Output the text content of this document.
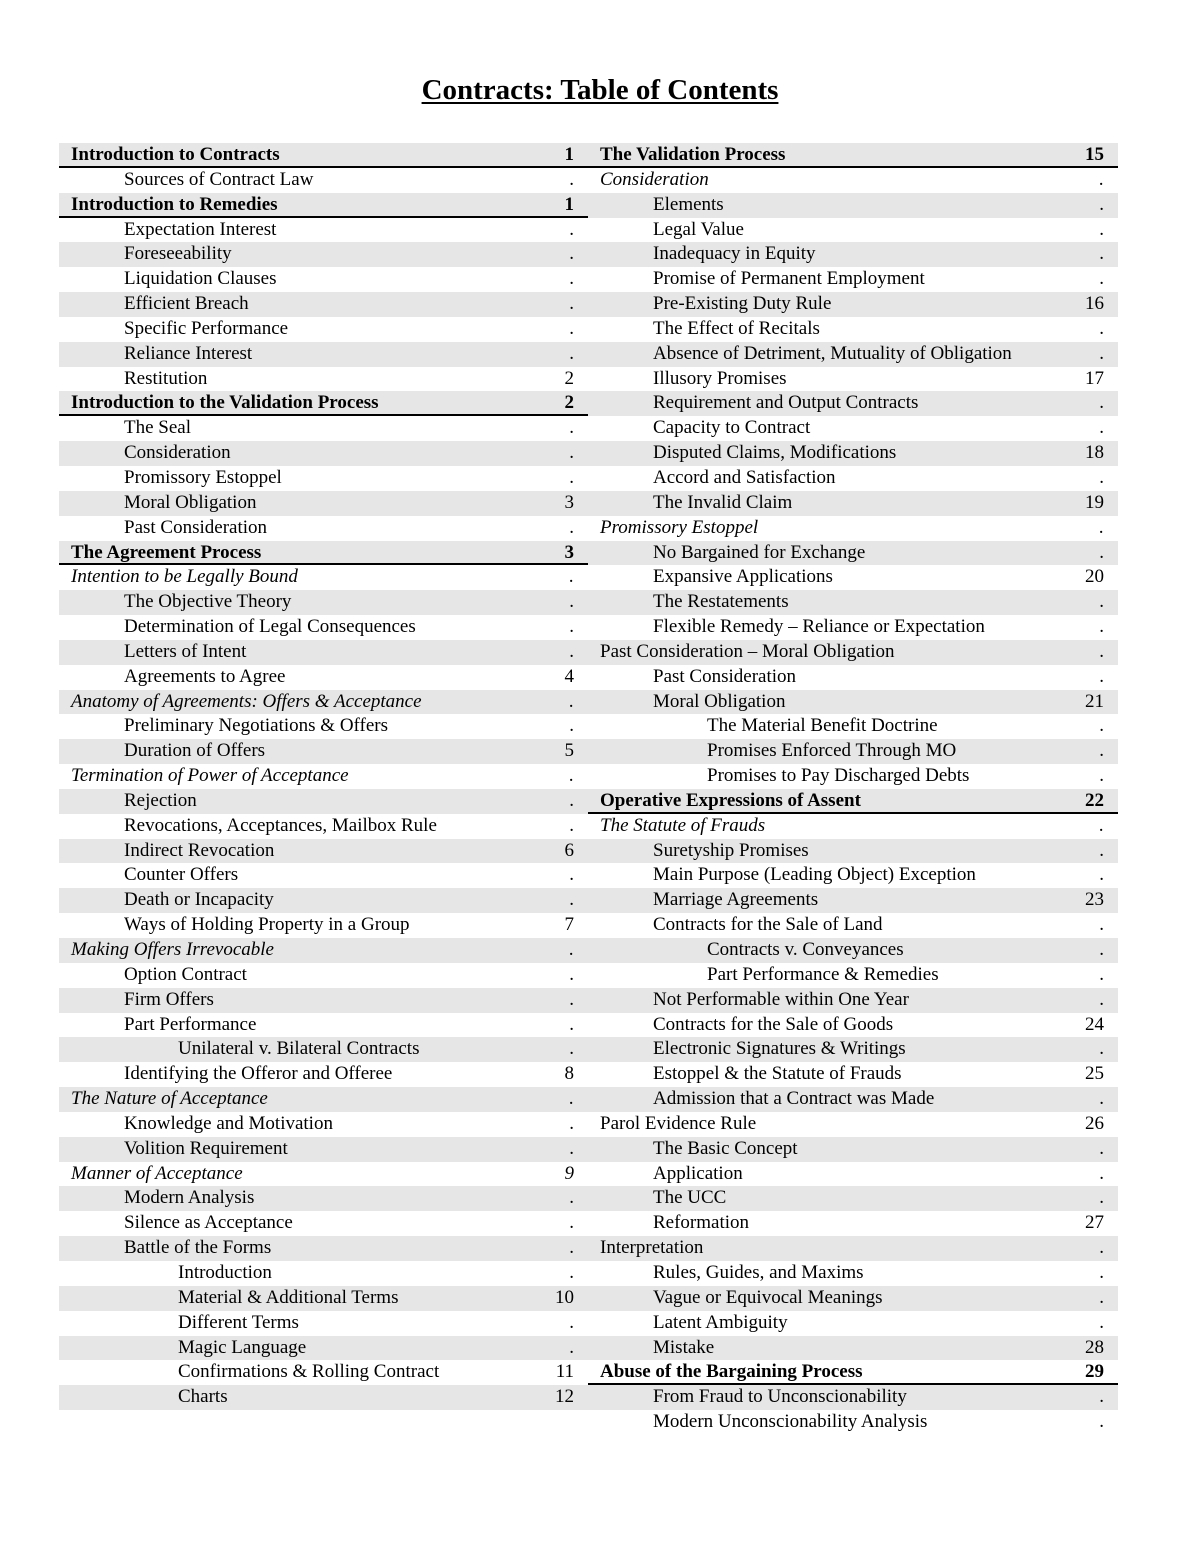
Contracts: Table of Contents
Introduction to Contracts	1
Sources of Contract Law	.
Introduction to Remedies	1
Expectation Interest	.
Foreseeability	.
Liquidation Clauses	.
Efficient Breach	.
Specific Performance	.
Reliance Interest	.
Restitution	2
Introduction to the Validation Process	2
The Seal	.
Consideration	.
Promissory Estoppel	.
Moral Obligation	3
Past Consideration	.
The Agreement Process	3
Intention to be Legally Bound	.
The Objective Theory	.
Determination of Legal Consequences	.
Letters of Intent	.
Agreements to Agree	4
Anatomy of Agreements: Offers & Acceptance	.
Preliminary Negotiations & Offers	.
Duration of Offers	5
Termination of Power of Acceptance	.
Rejection	.
Revocations, Acceptances, Mailbox Rule	.
Indirect Revocation	6
Counter Offers	.
Death or Incapacity	.
Ways of Holding Property in a Group	7
Making Offers Irrevocable	.
Option Contract	.
Firm Offers	.
Part Performance	.
Unilateral v. Bilateral Contracts	.
Identifying the Offeror and Offeree	8
The Nature of Acceptance	.
Knowledge and Motivation	.
Volition Requirement	.
Manner of Acceptance	9
Modern Analysis	.
Silence as Acceptance	.
Battle of the Forms	.
Introduction	.
Material & Additional Terms	10
Different Terms	.
Magic Language	.
Confirmations & Rolling Contract	11
Charts	12
The Validation Process	15
Consideration	.
Elements	.
Legal Value	.
Inadequacy in Equity	.
Promise of Permanent Employment	.
Pre-Existing Duty Rule	16
The Effect of Recitals	.
Absence of Detriment, Mutuality of Obligation	.
Illusory Promises	17
Requirement and Output Contracts	.
Capacity to Contract	.
Disputed Claims, Modifications	18
Accord and Satisfaction	.
The Invalid Claim	19
Promissory Estoppel	.
No Bargained for Exchange	.
Expansive Applications	20
The Restatements	.
Flexible Remedy – Reliance or Expectation	.
Past Consideration – Moral Obligation	.
Past Consideration	.
Moral Obligation	21
The Material Benefit Doctrine	.
Promises Enforced Through MO	.
Promises to Pay Discharged Debts	.
Operative Expressions of Assent	22
The Statute of Frauds	.
Suretyship Promises	.
Main Purpose (Leading Object) Exception	.
Marriage Agreements	23
Contracts for the Sale of Land	.
Contracts v. Conveyances	.
Part Performance & Remedies	.
Not Performable within One Year	.
Contracts for the Sale of Goods	24
Electronic Signatures & Writings	.
Estoppel & the Statute of Frauds	25
Admission that a Contract was Made	.
Parol Evidence Rule	26
The Basic Concept	.
Application	.
The UCC	.
Reformation	27
Interpretation	.
Rules, Guides, and Maxims	.
Vague or Equivocal Meanings	.
Latent Ambiguity	.
Mistake	28
Abuse of the Bargaining Process	29
From Fraud to Unconscionability	.
Modern Unconscionability Analysis	.
